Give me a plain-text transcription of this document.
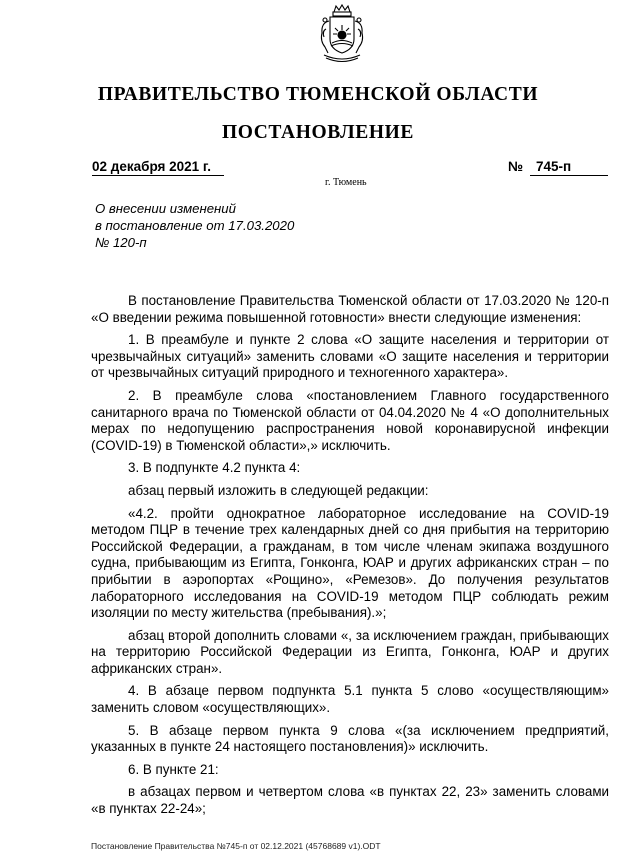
ПРАВИТЕЛЬСТВО ТЮМЕНСКОЙ ОБЛАСТИ
ПОСТАНОВЛЕНИЕ
02 декабря 2021 г.	№ 745-п
г. Тюмень
О внесении изменений
в постановление от 17.03.2020
№ 120-п
В постановление Правительства Тюменской области от 17.03.2020 № 120-п «О введении режима повышенной готовности» внести следующие изменения:
1. В преамбуле и пункте 2 слова «О защите населения и территории от чрезвычайных ситуаций» заменить словами «О защите населения и территории от чрезвычайных ситуаций природного и техногенного характера».
2. В преамбуле слова «постановлением Главного государственного санитарного врача по Тюменской области от 04.04.2020 № 4 «О дополнительных мерах по недопущению распространения новой коронавирусной инфекции (COVID-19) в Тюменской области»,» исключить.
3. В подпункте 4.2 пункта 4:
абзац первый изложить в следующей редакции:
«4.2. пройти однократное лабораторное исследование на COVID-19 методом ПЦР в течение трех календарных дней со дня прибытия на территорию Российской Федерации, а гражданам, в том числе членам экипажа воздушного судна, прибывающим из Египта, Гонконга, ЮАР и других африканских стран – по прибытии в аэропортах «Рощино», «Ремезов». До получения результатов лабораторного исследования на COVID-19 методом ПЦР соблюдать режим изоляции по месту жительства (пребывания).»;
абзац второй дополнить словами «, за исключением граждан, прибывающих на территорию Российской Федерации из Египта, Гонконга, ЮАР и других африканских стран».
4. В абзаце первом подпункта 5.1 пункта 5 слово «осуществляющим» заменить словом «осуществляющих».
5. В абзаце первом пункта 9 слова «(за исключением предприятий, указанных в пункте 24 настоящего постановления)» исключить.
6. В пункте 21:
в абзацах первом и четвертом слова «в пунктах 22, 23» заменить словами «в пунктах 22-24»;
Постановление Правительства №745-п от 02.12.2021 (45768689 v1).ODT
